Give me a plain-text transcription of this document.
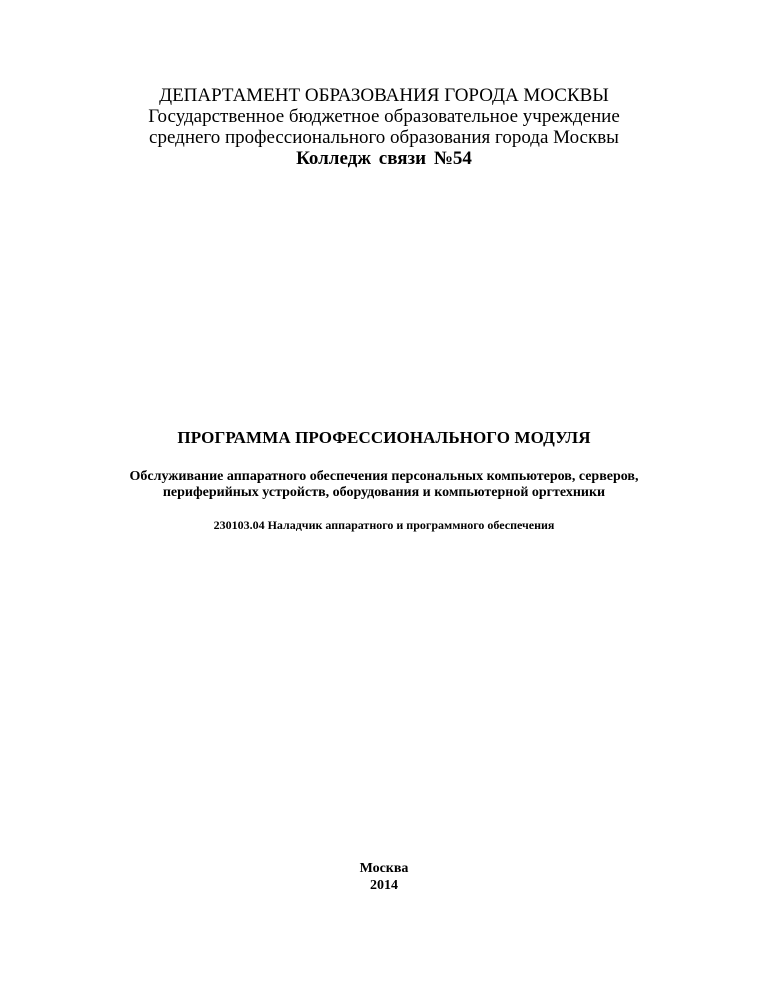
ДЕПАРТАМЕНТ ОБРАЗОВАНИЯ ГОРОДА МОСКВЫ
Государственное бюджетное образовательное учреждение
среднего профессионального образования города Москвы
Колледж связи №54
ПРОГРАММА ПРОФЕССИОНАЛЬНОГО МОДУЛЯ
Обслуживание аппаратного обеспечения персональных компьютеров, серверов,
периферийных устройств, оборудования и компьютерной оргтехники
230103.04 Наладчик аппаратного и программного обеспечения
Москва
2014
